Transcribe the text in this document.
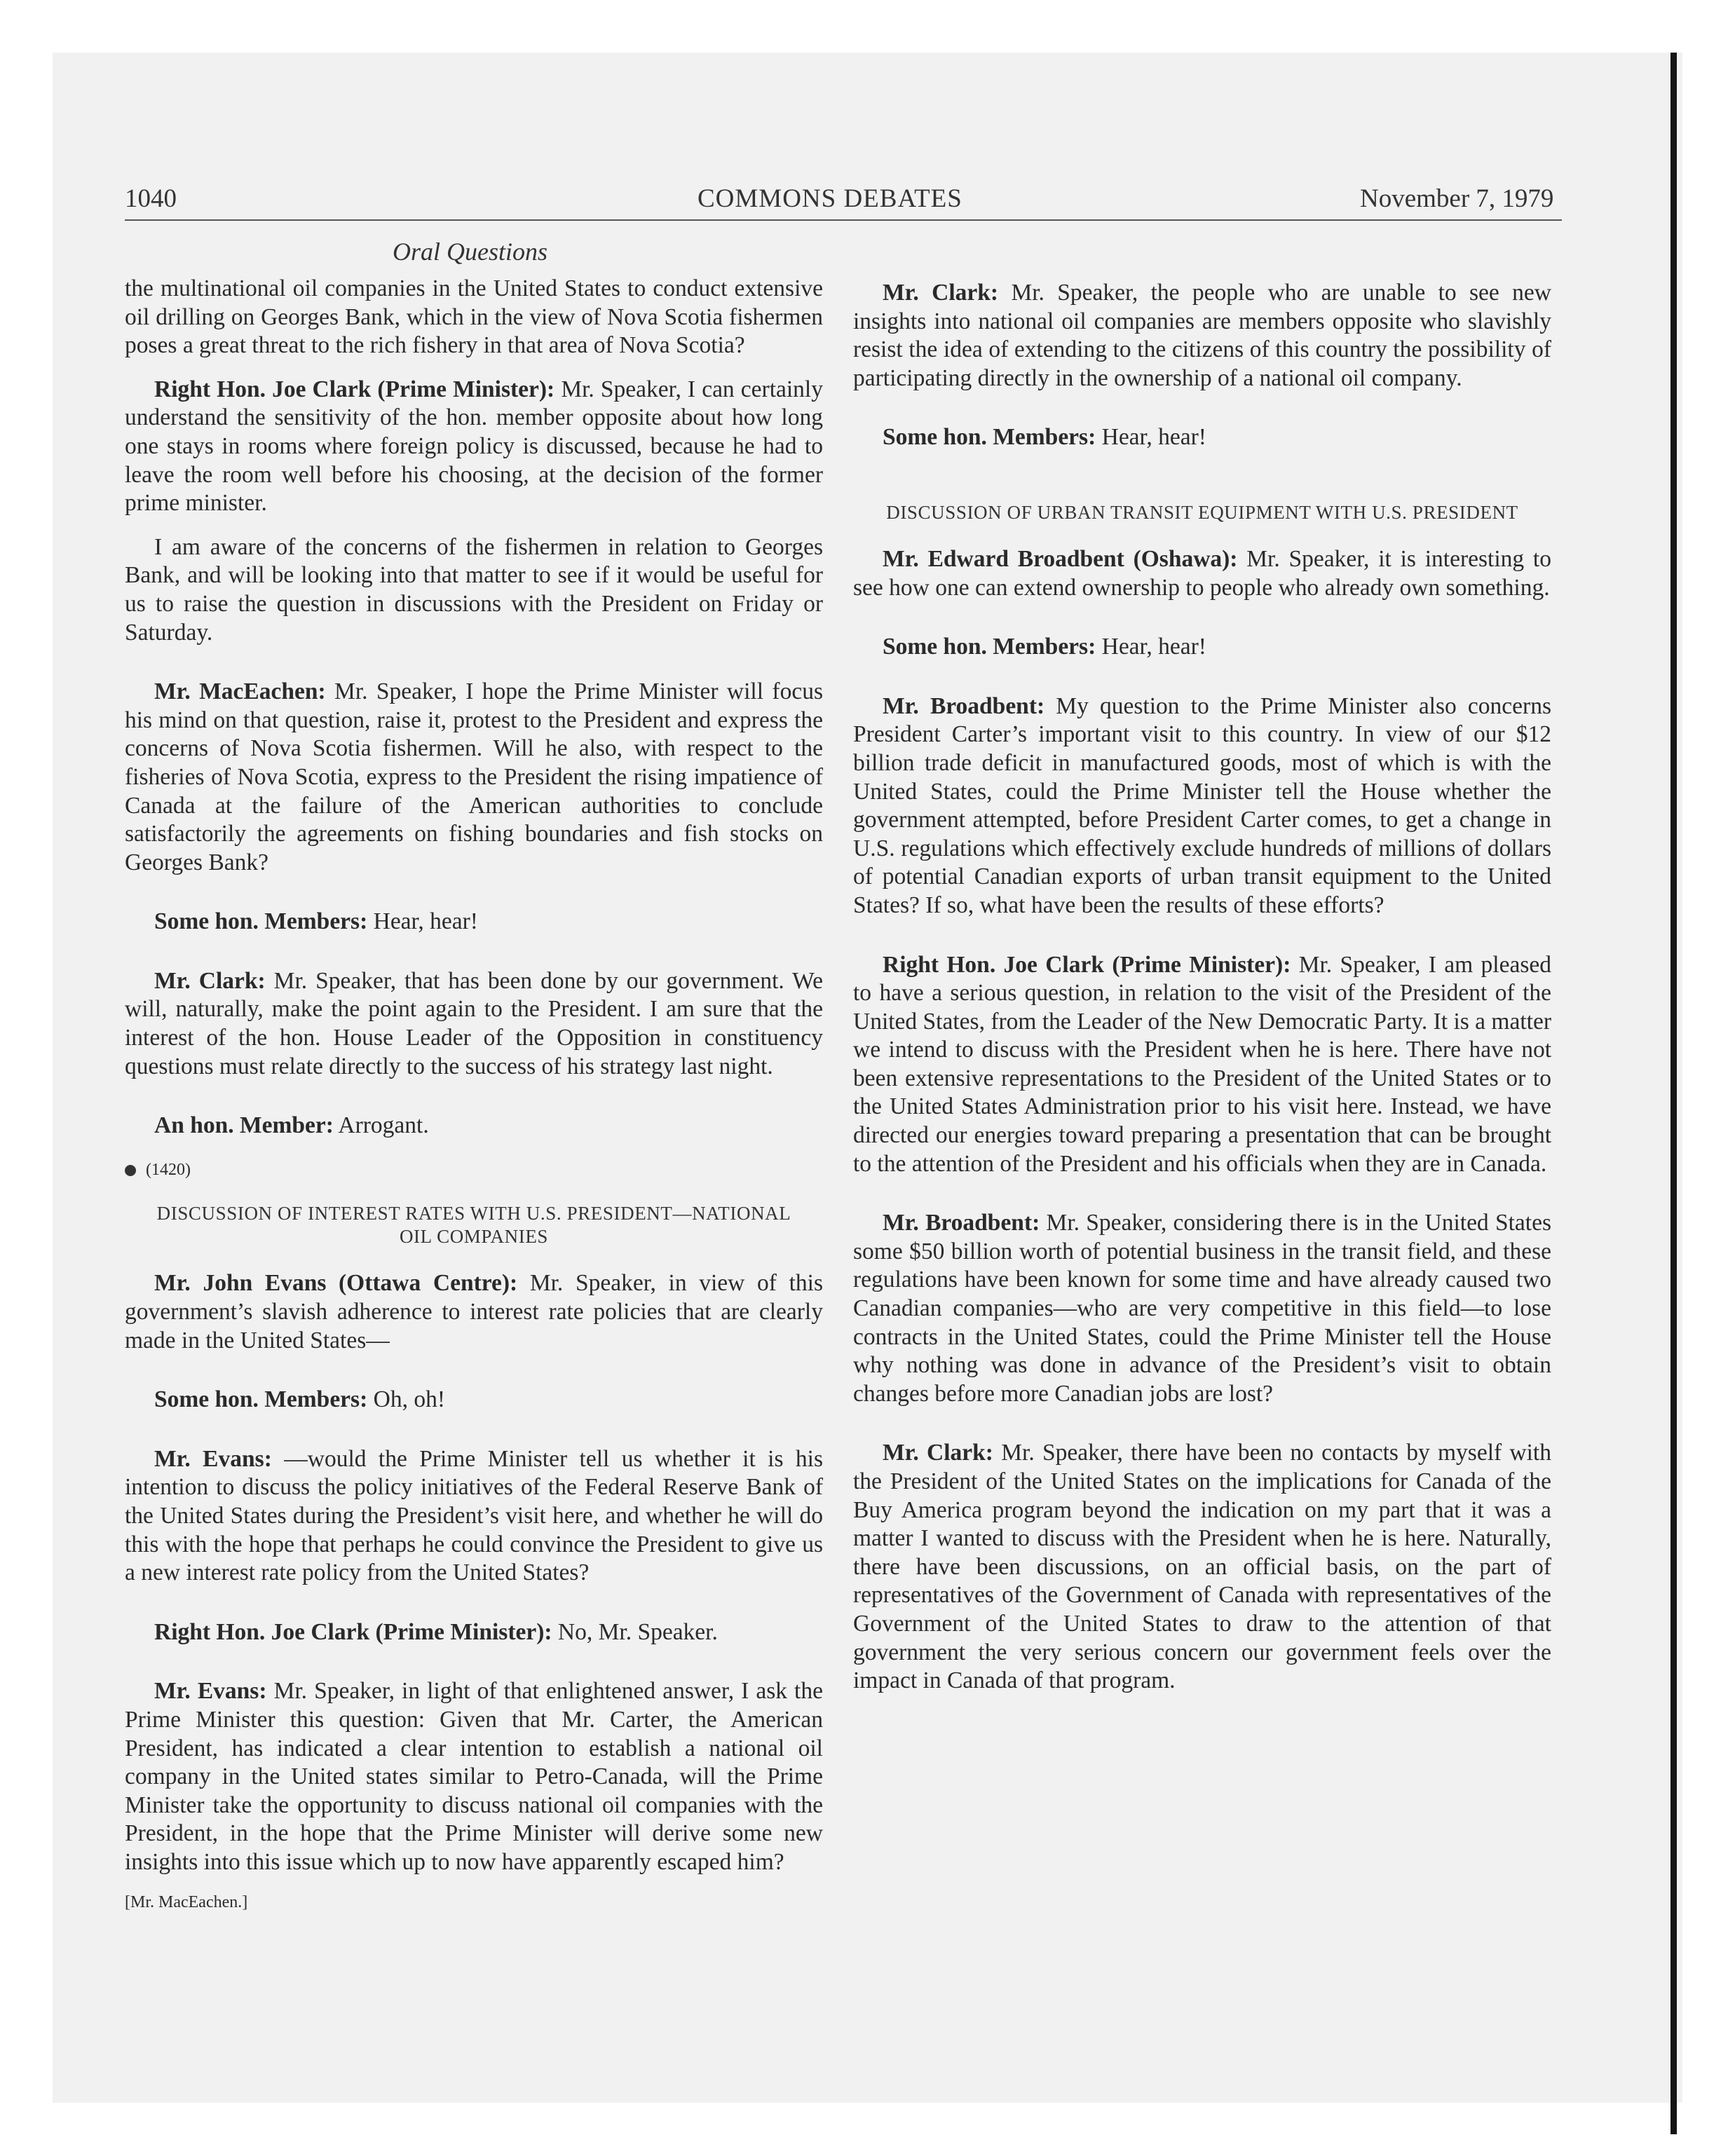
1040	COMMONS DEBATES	November 7, 1979
Oral Questions

the multinational oil companies in the United States to conduct extensive oil drilling on Georges Bank, which in the view of Nova Scotia fishermen poses a great threat to the rich fishery in that area of Nova Scotia?

Right Hon. Joe Clark (Prime Minister): Mr. Speaker, I can certainly understand the sensitivity of the hon. member opposite about how long one stays in rooms where foreign policy is discussed, because he had to leave the room well before his choosing, at the decision of the former prime minister.

I am aware of the concerns of the fishermen in relation to Georges Bank, and will be looking into that matter to see if it would be useful for us to raise the question in discussions with the President on Friday or Saturday.

Mr. MacEachen: Mr. Speaker, I hope the Prime Minister will focus his mind on that question, raise it, protest to the President and express the concerns of Nova Scotia fishermen. Will he also, with respect to the fisheries of Nova Scotia, express to the President the rising impatience of Canada at the failure of the American authorities to conclude satisfactorily the agreements on fishing boundaries and fish stocks on Georges Bank?

Some hon. Members: Hear, hear!

Mr. Clark: Mr. Speaker, that has been done by our government. We will, naturally, make the point again to the President. I am sure that the interest of the hon. House Leader of the Opposition in constituency questions must relate directly to the success of his strategy last night.

An hon. Member: Arrogant.

(1420)
DISCUSSION OF INTEREST RATES WITH U.S. PRESIDENT—NATIONAL OIL COMPANIES

Mr. John Evans (Ottawa Centre): Mr. Speaker, in view of this government’s slavish adherence to interest rate policies that are clearly made in the United States—

Some hon. Members: Oh, oh!

Mr. Evans: —would the Prime Minister tell us whether it is his intention to discuss the policy initiatives of the Federal Reserve Bank of the United States during the President’s visit here, and whether he will do this with the hope that perhaps he could convince the President to give us a new interest rate policy from the United States?

Right Hon. Joe Clark (Prime Minister): No, Mr. Speaker.

Mr. Evans: Mr. Speaker, in light of that enlightened answer, I ask the Prime Minister this question: Given that Mr. Carter, the American President, has indicated a clear intention to establish a national oil company in the United states similar to Petro-Canada, will the Prime Minister take the opportunity to discuss national oil companies with the President, in the hope that the Prime Minister will derive some new insights into this issue which up to now have apparently escaped him?

[Mr. MacEachen.]

Mr. Clark: Mr. Speaker, the people who are unable to see new insights into national oil companies are members opposite who slavishly resist the idea of extending to the citizens of this country the possibility of participating directly in the ownership of a national oil company.

Some hon. Members: Hear, hear!

DISCUSSION OF URBAN TRANSIT EQUIPMENT WITH U.S. PRESIDENT

Mr. Edward Broadbent (Oshawa): Mr. Speaker, it is interesting to see how one can extend ownership to people who already own something.

Some hon. Members: Hear, hear!

Mr. Broadbent: My question to the Prime Minister also concerns President Carter’s important visit to this country. In view of our $12 billion trade deficit in manufactured goods, most of which is with the United States, could the Prime Minister tell the House whether the government attempted, before President Carter comes, to get a change in U.S. regulations which effectively exclude hundreds of millions of dollars of potential Canadian exports of urban transit equipment to the United States? If so, what have been the results of these efforts?

Right Hon. Joe Clark (Prime Minister): Mr. Speaker, I am pleased to have a serious question, in relation to the visit of the President of the United States, from the Leader of the New Democratic Party. It is a matter we intend to discuss with the President when he is here. There have not been extensive representations to the President of the United States or to the United States Administration prior to his visit here. Instead, we have directed our energies toward preparing a presentation that can be brought to the attention of the President and his officials when they are in Canada.

Mr. Broadbent: Mr. Speaker, considering there is in the United States some $50 billion worth of potential business in the transit field, and these regulations have been known for some time and have already caused two Canadian companies—who are very competitive in this field—to lose contracts in the United States, could the Prime Minister tell the House why nothing was done in advance of the President’s visit to obtain changes before more Canadian jobs are lost?

Mr. Clark: Mr. Speaker, there have been no contacts by myself with the President of the United States on the implications for Canada of the Buy America program beyond the indication on my part that it was a matter I wanted to discuss with the President when he is here. Naturally, there have been discussions, on an official basis, on the part of representatives of the Government of Canada with representatives of the Government of the United States to draw to the attention of that government the very serious concern our government feels over the impact in Canada of that program.
